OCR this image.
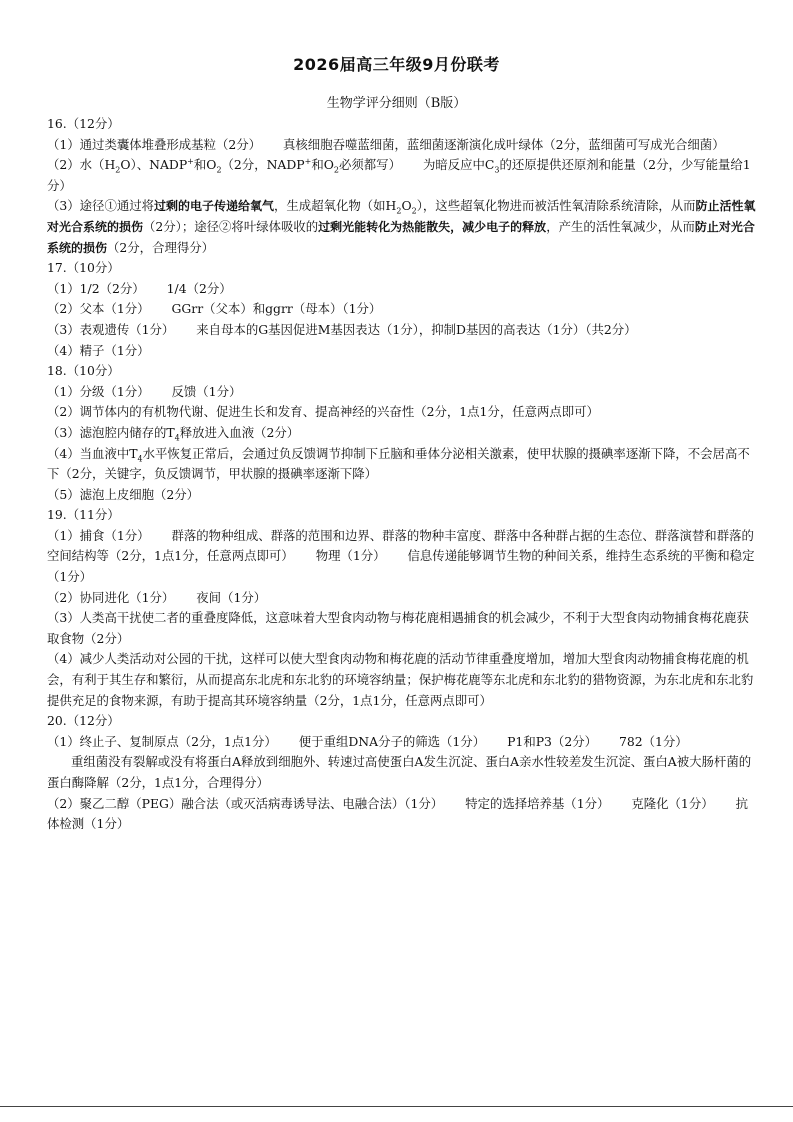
2026届高三年级9月份联考
生物学评分细则（B版）
16.（12分）
（1）通过类囊体堆叠形成基粒（2分） 真核细胞吞噬蓝细菌，蓝细菌逐渐演化成叶绿体（2分，蓝细菌可写成光合细菌）
（2）水$(H_2O)$、NADP+和$O_2(2$分，NADP+和$O_2$必须都写） 为暗反应中$C_3$的还原提供还原剂和能量（2分，少写能量给1分）
（3）途径①通过将过剩的电子传递给氧气，生成超氧化物（如$H_2O_2$），这些超氧化物进而被活性氧清除系统清除，从而防止活性氧对光合系统的损伤（2分）；途径②将叶绿体吸收的过剩光能转化为热能散失，减少电子的释放，产生的活性氧减少，从而防止对光合系统的损伤（2分，合理得分）
17.（10分）
（1）1/2（2分） 1/4（2分）
（2）父本（1分） GGrr（父本）和ggrr（母本）（1分）
（3）表观遗传（1分） 来自母本的G基因促进M基因表达（1分），抑制D基因的高表达（1分）（共2分）
（4）精子（1分）
18.（10分）
（1）分级（1分） 反馈（1分）
（2）调节体内的有机物代谢、促进生长和发育、提高神经的兴奋性（2分，1点1分，任意两点即可）
（3）滤泡腔内储存的$T_4$释放进入血液（2分）
（4）当血液中$T_4$水平恢复正常后，会通过负反馈调节抑制下丘脑和垂体分泌相关激素，使甲状腺的摄碘率逐渐下降，不会居高不下（2分，关键字，负反馈调节，甲状腺的摄碘率逐渐下降）
（5）滤泡上皮细胞（2分）
19.（11分）
（1）捕食（1分） 群落的物种组成、群落的范围和边界、群落的物种丰富度、群落中各种群占据的生态位、群落演替和群落的空间结构等（2分，1点1分，任意两点即可） 物理（1分） 信息传递能够调节生物的种间关系，维持生态系统的平衡和稳定（1分）
（2）协同进化（1分） 夜间（1分）
（3）人类高干扰使二者的重叠度降低，这意味着大型食肉动物与梅花鹿相遇捕食的机会减少，不利于大型食肉动物捕食梅花鹿获取食物（2分）
（4）减少人类活动对公园的干扰，这样可以使大型食肉动物和梅花鹿的活动节律重叠度增加，增加大型食肉动物捕食梅花鹿的机会，有利于其生存和繁衍，从而提高东北虎和东北豹的环境容纳量；保护梅花鹿等东北虎和东北豹的猎物资源，为东北虎和东北豹提供充足的食物来源，有助于提高其环境容纳量（2分，1点1分，任意两点即可）
20.（12分）
（1）终止子、复制原点（2分，1点1分） 便于重组DNA分子的筛选（1分） P1和P3（2分） 782（1分）
重组菌没有裂解或没有将蛋白A释放到细胞外、转速过高使蛋白A发生沉淀、蛋白A亲水性较差发生沉淀、蛋白A被大肠杆菌的蛋白酶降解（2分，1点1分，合理得分）
（2）聚乙二醇（PEG）融合法（或灭活病毒诱导法、电融合法）（1分） 特定的选择培养基（1分） 克隆化（1分） 抗体检测（1分）
